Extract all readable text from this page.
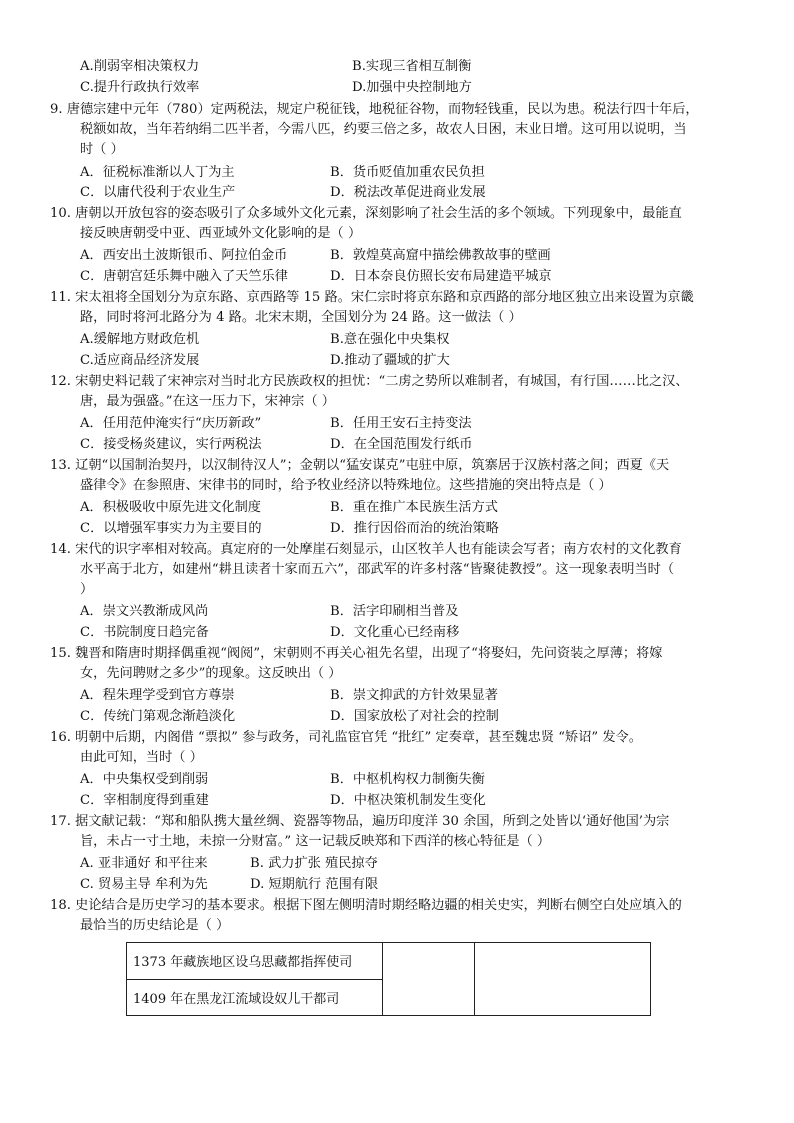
A.削弱宰相决策权力	B.实现三省相互制衡
C.提升行政执行效率	D.加强中央控制地方
9. 唐德宗建中元年（780）定两税法，规定户税征钱，地税征谷物，而物轻钱重，民以为患。税法行四十年后，
税额如故，当年若纳绢二匹半者，今需八匹，约要三倍之多，故农人日困，末业日增。这可用以说明，当
时（ ）
A．征税标准渐以人丁为主	B．货币贬值加重农民负担
C．以庸代役利于农业生产	D．税法改革促进商业发展
10. 唐朝以开放包容的姿态吸引了众多域外文化元素，深刻影响了社会生活的多个领域。下列现象中，最能直
接反映唐朝受中亚、西亚域外文化影响的是（ ）
A．西安出土波斯银币、阿拉伯金币	B．敦煌莫高窟中描绘佛教故事的壁画
C．唐朝宫廷乐舞中融入了天竺乐律	D．日本奈良仿照长安布局建造平城京
11. 宋太祖将全国划分为京东路、京西路等 15 路。宋仁宗时将京东路和京西路的部分地区独立出来设置为京畿
路，同时将河北路分为 4 路。北宋末期，全国划分为 24 路。这一做法（ ）
A.缓解地方财政危机	B.意在强化中央集权
C.适应商品经济发展	D.推动了疆域的扩大
12. 宋朝史料记载了宋神宗对当时北方民族政权的担忧：“二虏之势所以难制者，有城国，有行国……比之汉、
唐，最为强盛。”在这一压力下，宋神宗（ ）
A．任用范仲淹实行“庆历新政”	B．任用王安石主持变法
C．接受杨炎建议，实行两税法	D．在全国范围发行纸币
13. 辽朝“以国制治契丹，以汉制待汉人”；金朝以“猛安谋克”屯驻中原，筑寨居于汉族村落之间；西夏《天
盛律令》在参照唐、宋律书的同时，给予牧业经济以特殊地位。这些措施的突出特点是（ ）
A．积极吸收中原先进文化制度	B．重在推广本民族生活方式
C．以增强军事实力为主要目的	D．推行因俗而治的统治策略
14. 宋代的识字率相对较高。真定府的一处摩崖石刻显示，山区牧羊人也有能读会写者；南方农村的文化教育
水平高于北方，如建州“耕且读者十家而五六”，邵武军的许多村落“皆聚徒教授”。这一现象表明当时（
）
A．崇文兴教渐成风尚	B．活字印刷相当普及
C．书院制度日趋完备	D．文化重心已经南移
15. 魏晋和隋唐时期择偶重视“阀阅”，宋朝则不再关心祖先名望，出现了“将娶妇，先问资装之厚薄；将嫁
女，先问聘财之多少”的现象。这反映出（ ）
A．程朱理学受到官方尊崇	B．崇文抑武的方针效果显著
C．传统门第观念渐趋淡化	D．国家放松了对社会的控制
16. 明朝中后期，内阁借 “票拟” 参与政务，司礼监宦官凭 “批红” 定奏章，甚至魏忠贤 “矫诏” 发令。
由此可知，当时（ ）
A．中央集权受到削弱	B．中枢机构权力制衡失衡
C．宰相制度得到重建	D．中枢决策机制发生变化
17. 据文献记载：“郑和船队携大量丝绸、瓷器等物品，遍历印度洋 30 余国，所到之处皆以‘通好他国’为宗
旨，未占一寸土地，未掠一分财富。” 这一记载反映郑和下西洋的核心特征是（ ）
A. 亚非通好 和平往来	B. 武力扩张 殖民掠夺
C. 贸易主导 牟利为先	D. 短期航行 范围有限
18. 史论结合是历史学习的基本要求。根据下图左侧明清时期经略边疆的相关史实，判断右侧空白处应填入的
最恰当的历史结论是（ ）
1373 年藏族地区设乌思藏都指挥使司		
1409 年在黑龙江流域设奴儿干都司
